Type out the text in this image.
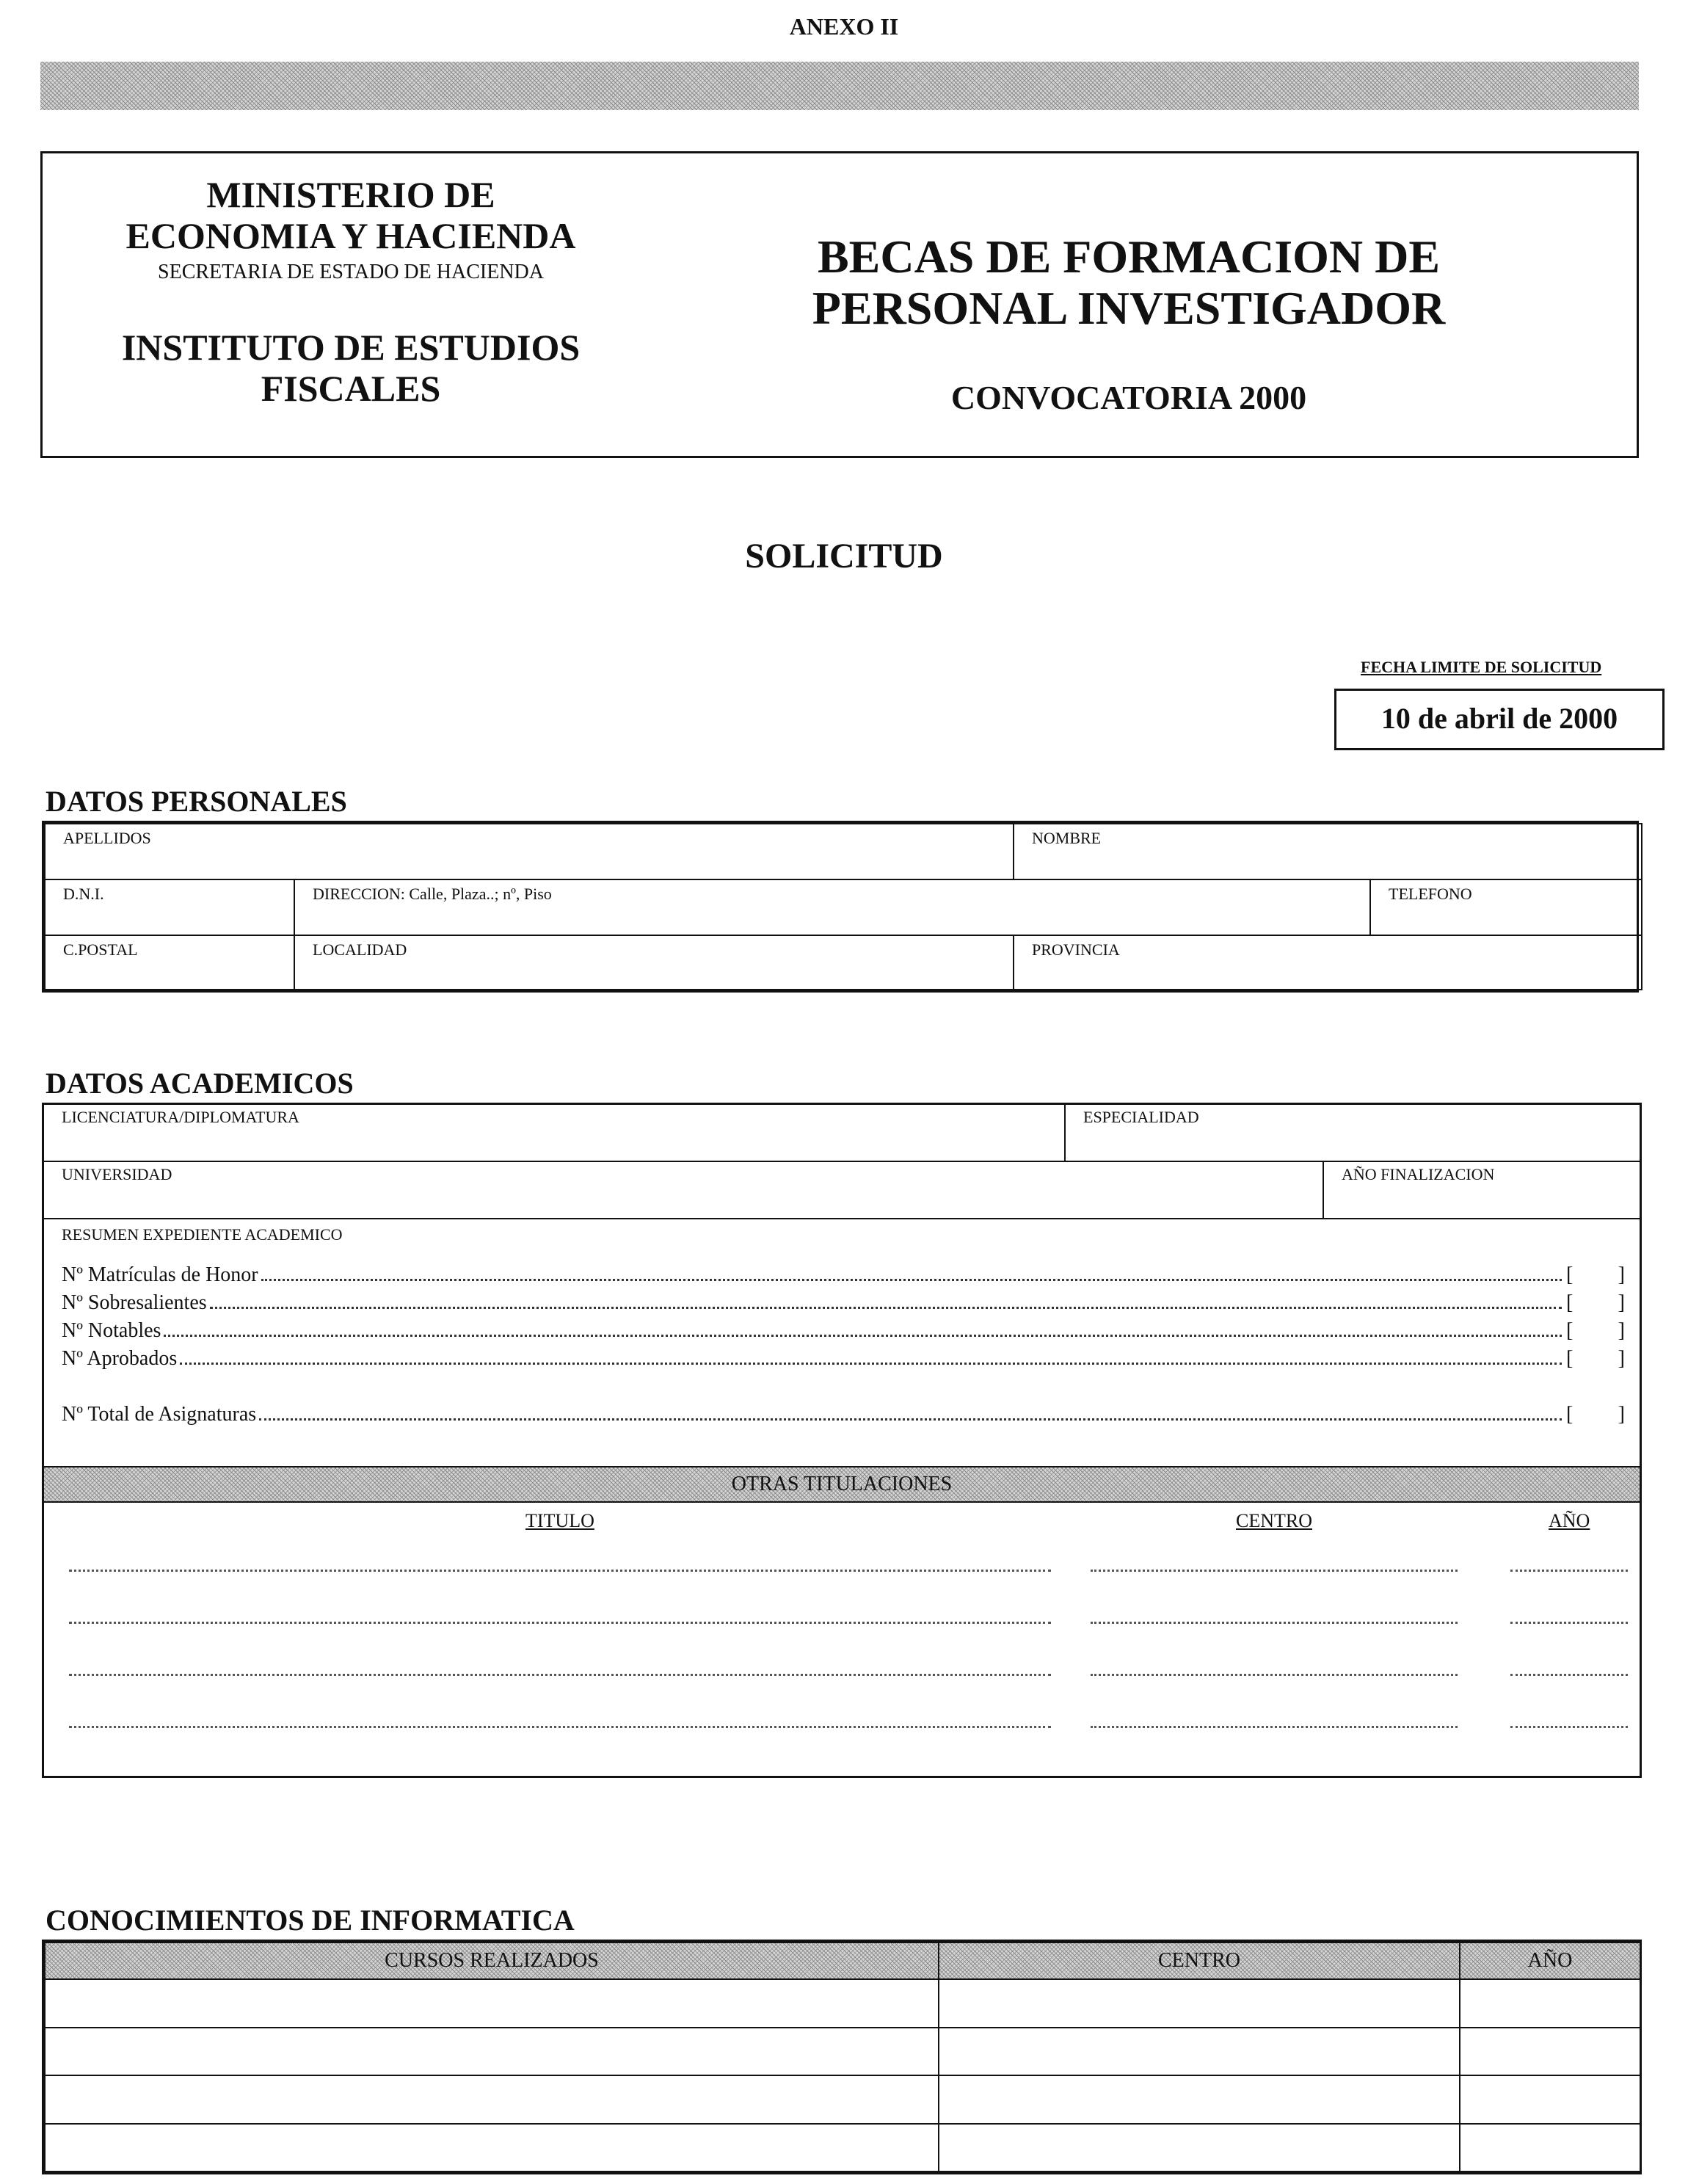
ANEXO II
MINISTERIO DE
ECONOMIA Y HACIENDA
SECRETARIA DE ESTADO DE HACIENDA
INSTITUTO DE ESTUDIOS
FISCALES
BECAS DE FORMACION DE
PERSONAL INVESTIGADOR
CONVOCATORIA 2000
SOLICITUD
FECHA LIMITE DE SOLICITUD
10 de abril de 2000
DATOS PERSONALES
APELLIDOS		NOMBRE	
D.N.I.	DIRECCION: Calle, Plaza..; nº, Piso		TELEFONO
C.POSTAL	LOCALIDAD	PROVINCIA	
DATOS ACADEMICOS
LICENCIATURA/DIPLOMATURA	ESPECIALIDAD
UNIVERSIDAD	AÑO FINALIZACION
RESUMEN EXPEDIENTE ACADEMICO
Nº Matrículas de Honor	[ ]
Nº Sobresalientes	[ ]
Nº Notables	[ ]
Nº Aprobados	[ ]
Nº Total de Asignaturas	[ ]
OTRAS TITULACIONES
TITULO	CENTRO	AÑO
CONOCIMIENTOS DE INFORMATICA
CURSOS REALIZADOS	CENTRO	AÑO
